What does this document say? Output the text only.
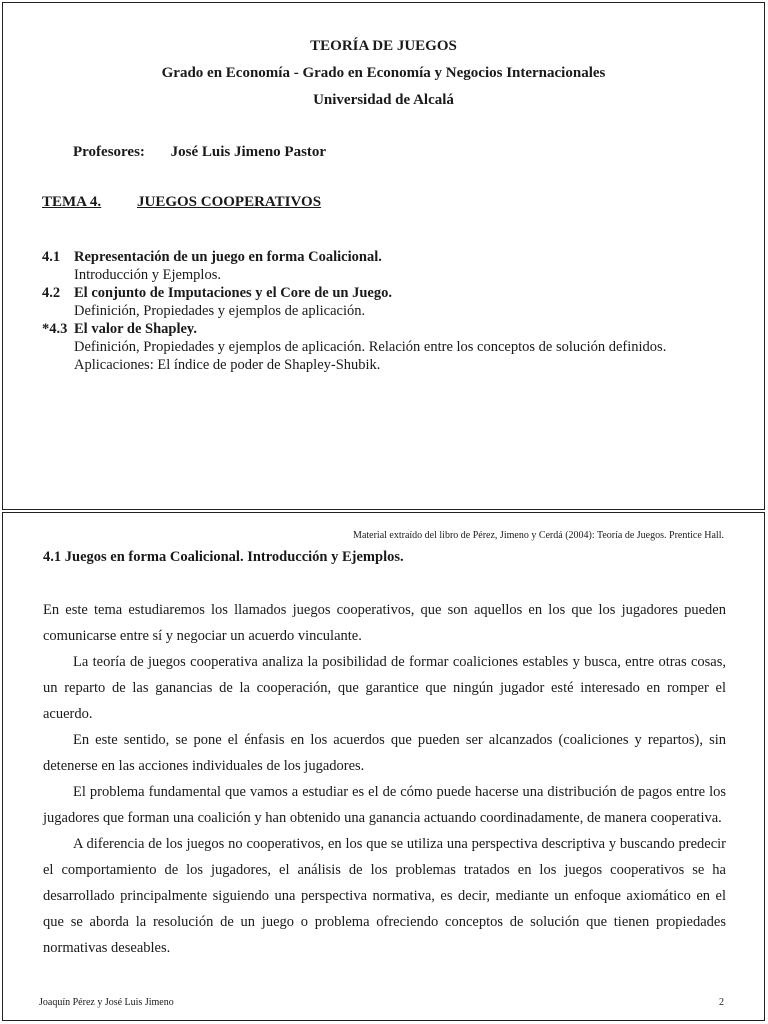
TEORÍA DE JUEGOS
Grado en Economía - Grado en Economía y Negocios Internacionales
Universidad de Alcalá
Profesores: José Luis Jimeno Pastor
TEMA 4. JUEGOS COOPERATIVOS
4.1 Representación de un juego en forma Coalicional.
Introducción y Ejemplos.
4.2 El conjunto de Imputaciones y el Core de un Juego.
Definición, Propiedades y ejemplos de aplicación.
*4.3 El valor de Shapley.
Definición, Propiedades y ejemplos de aplicación. Relación entre los conceptos de solución definidos.
Aplicaciones: El índice de poder de Shapley-Shubik.
Material extraído del libro de Pérez, Jimeno y Cerdá (2004): Teoría de Juegos. Prentice Hall.
4.1 Juegos en forma Coalicional. Introducción y Ejemplos.

En este tema estudiaremos los llamados juegos cooperativos, que son aquellos en los que los jugadores pueden comunicarse entre sí y negociar un acuerdo vinculante.

La teoría de juegos cooperativa analiza la posibilidad de formar coaliciones estables y busca, entre otras cosas, un reparto de las ganancias de la cooperación, que garantice que ningún jugador esté interesado en romper el acuerdo.

En este sentido, se pone el énfasis en los acuerdos que pueden ser alcanzados (coaliciones y repartos), sin detenerse en las acciones individuales de los jugadores.

El problema fundamental que vamos a estudiar es el de cómo puede hacerse una distribución de pagos entre los jugadores que forman una coalición y han obtenido una ganancia actuando coordinadamente, de manera cooperativa.

A diferencia de los juegos no cooperativos, en los que se utiliza una perspectiva descriptiva y buscando predecir el comportamiento de los jugadores, el análisis de los problemas tratados en los juegos cooperativos se ha desarrollado principalmente siguiendo una perspectiva normativa, es decir, mediante un enfoque axiomático en el que se aborda la resolución de un juego o problema ofreciendo conceptos de solución que tienen propiedades normativas deseables.

Joaquín Pérez y José Luis Jimeno	2
